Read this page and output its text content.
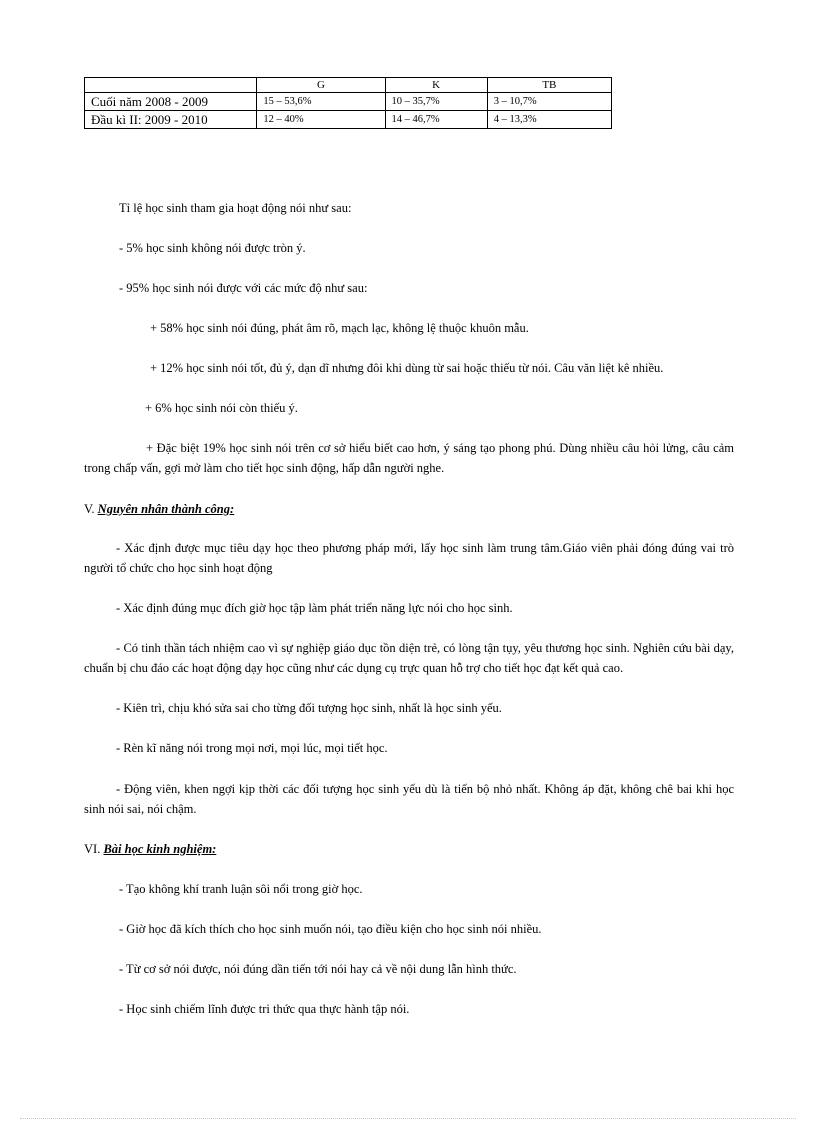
	G	K	TB
Cuối năm 2008 - 2009	15 – 53,6%	10 – 35,7%	3 – 10,7%
Đầu kì II: 2009 - 2010	12 – 40%	14 – 46,7%	4 – 13,3%
Tỉ lệ học sinh tham gia hoạt động nói như sau:
- 5% học sinh không nói được tròn ý.
- 95% học sinh nói được với các mức độ như sau:
+ 58% học sinh nói đúng, phát âm rõ, mạch lạc, không lệ thuộc khuôn mẫu.
+ 12% học sinh nói tốt, đủ ý, dạn dĩ nhưng đôi khi dùng từ sai hoặc thiếu từ nói. Câu văn liệt kê nhiều.
+ 6% học sinh nói còn thiếu ý.
+ Đặc biệt 19% học sinh nói trên cơ sở hiểu biết cao hơn, ý sáng tạo phong phú. Dùng nhiều câu hỏi lửng, câu cảm trong chấp vấn, gợi mở làm cho tiết học sinh động, hấp dẫn người nghe.
V. Nguyên nhân thành công:
- Xác định được mục tiêu dạy học theo phương pháp mới, lấy học sinh làm trung tâm.Giáo viên phải đóng đúng vai trò người tổ chức cho học sinh hoạt động
- Xác định đúng mục đích giờ học tập làm phát triển năng lực nói cho học sinh.
- Có tinh thần tách nhiệm cao vì sự nghiệp giáo dục tồn diện trẻ, có lòng tận tụy, yêu thương học sinh. Nghiên cứu bài dạy, chuẩn bị chu đáo các hoạt động dạy học cũng như các dụng cụ trực quan hỗ trợ cho tiết học đạt kết quả cao.
- Kiên trì, chịu khó sửa sai cho từng đối tượng học sinh, nhất là học sinh yếu.
- Rèn kĩ năng nói trong mọi nơi, mọi lúc, mọi tiết học.
- Động viên, khen ngợi kịp thời các đối tượng học sinh yếu dù là tiến bộ nhỏ nhất. Không áp đặt, không chê bai khi học sinh nói sai, nói chậm.
VI. Bài học kinh nghiệm:
- Tạo không khí tranh luận sôi nổi trong giờ học.
- Giờ học đã kích thích cho học sinh muốn nói, tạo điều kiện cho học sinh nói nhiều.
- Từ cơ sở nói được, nói đúng dần tiến tới nói hay cả về nội dung lẫn hình thức.
- Học sinh chiếm lĩnh được tri thức qua thực hành tập nói.
